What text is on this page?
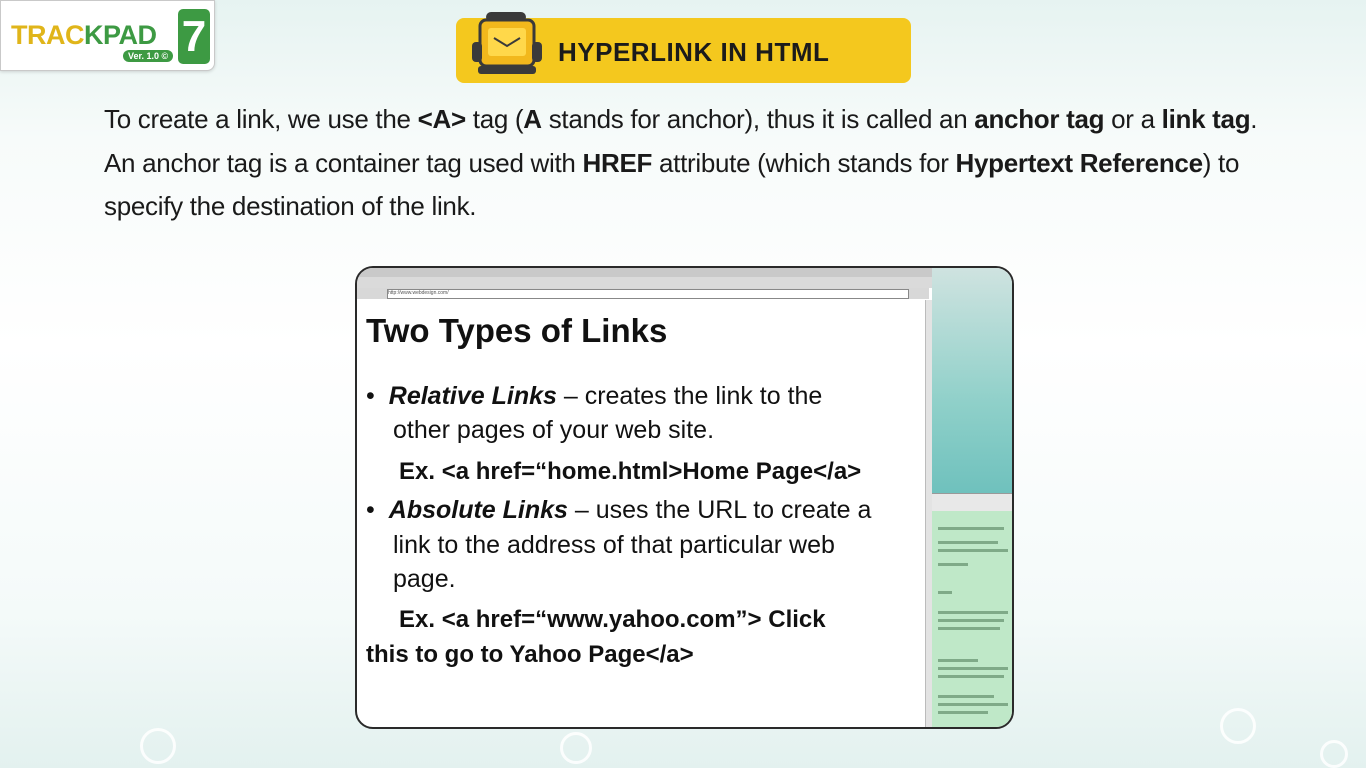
TRACKPAD
Ver. 1.0 © 7	HYPERLINK IN HTML
To create a link, we use the <A> tag (A stands for anchor), thus it is called an anchor tag or a link tag. An anchor tag is a container tag used with HREF attribute (which stands for Hypertext Reference) to specify the destination of the link.
http://www.webdesign.com/
Two Types of Links
• Relative Links – creates the link to the
other pages of your web site.
Ex. <a href=“home.html>Home Page</a>
• Absolute Links – uses the URL to create a
link to the address of that particular web
page.
Ex. <a href=“www.yahoo.com”> Click
this to go to Yahoo Page</a>
